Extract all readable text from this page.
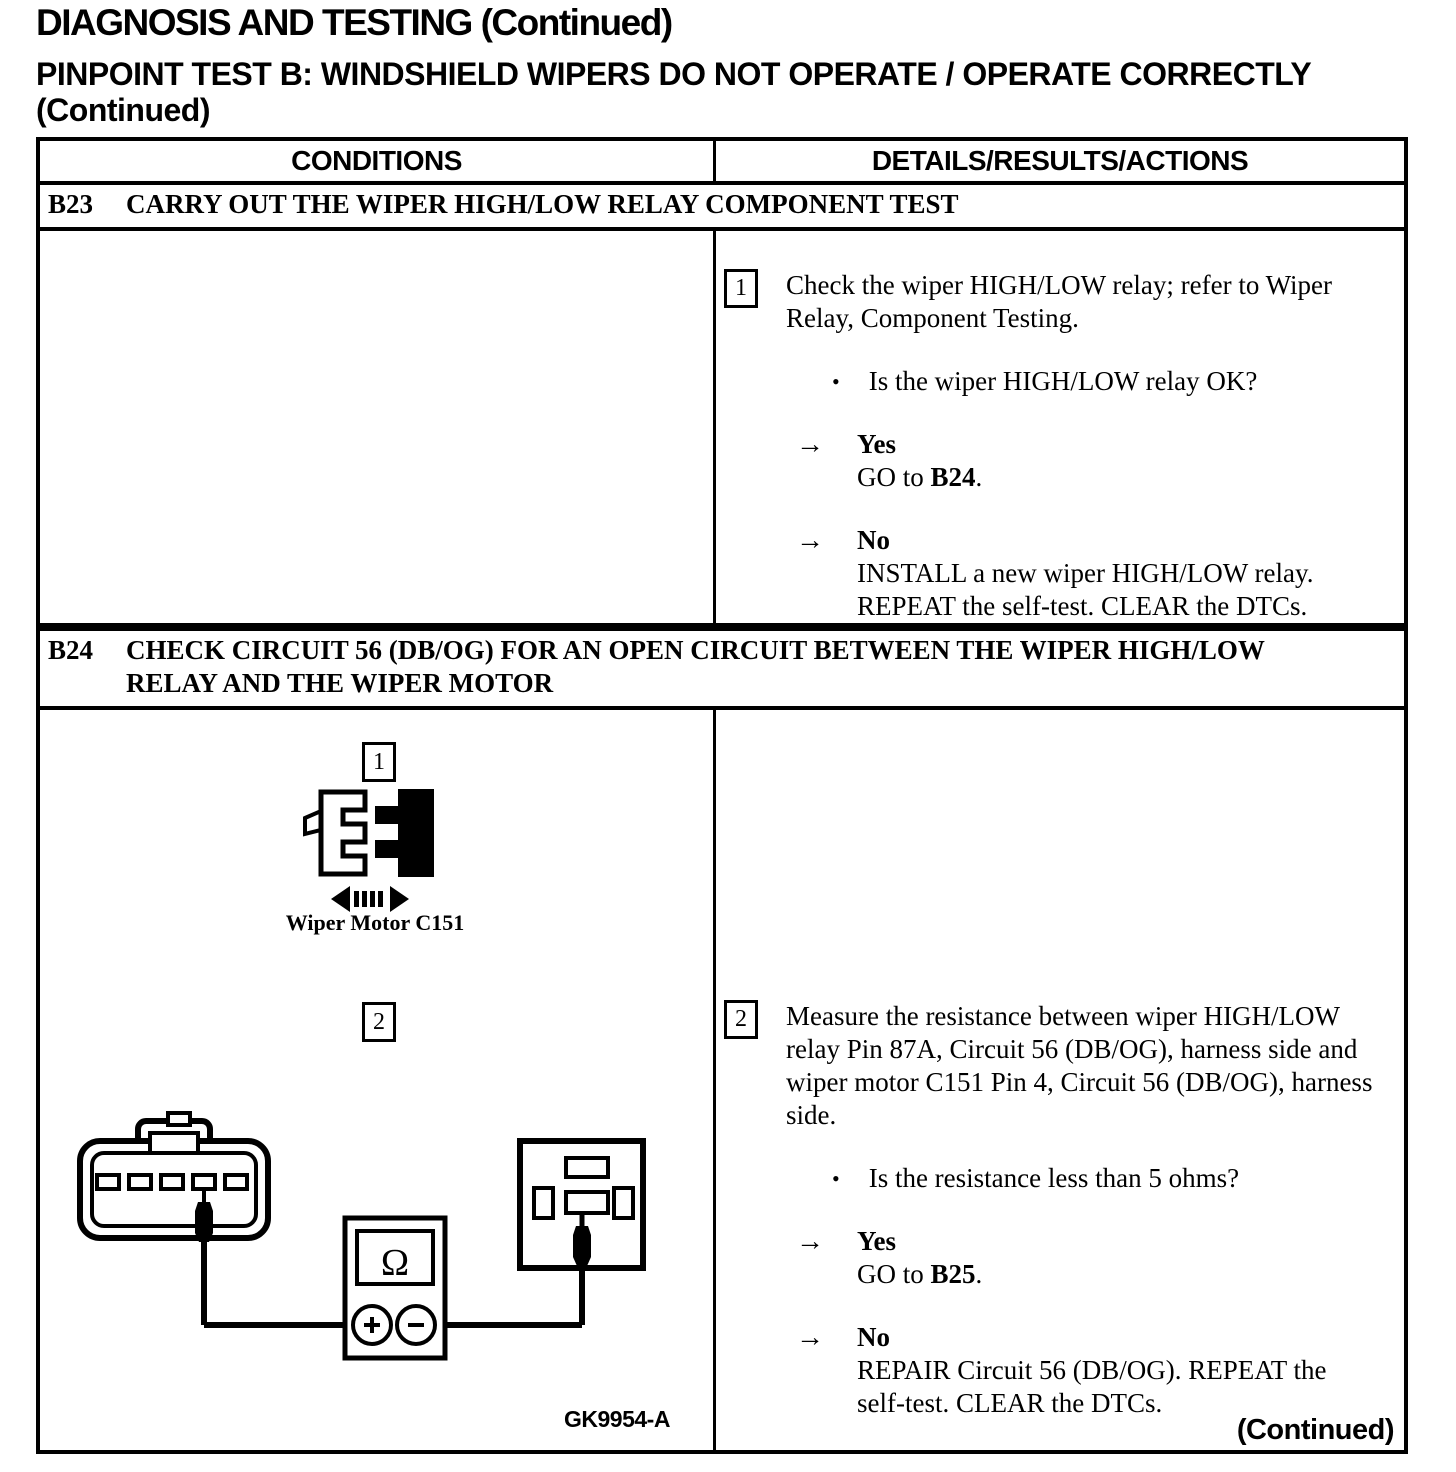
DIAGNOSIS AND TESTING (Continued)
PINPOINT TEST B: WINDSHIELD WIPERS DO NOT OPERATE / OPERATE CORRECTLY
(Continued)
CONDITIONS	DETAILS/RESULTS/ACTIONS
B23	CARRY OUT THE WIPER HIGH/LOW RELAY COMPONENT TEST
1	Check the wiper HIGH/LOW relay; refer to Wiper Relay, Component Testing.
• Is the wiper HIGH/LOW relay OK?
→	Yes
GO to B24.
→	No
INSTALL a new wiper HIGH/LOW relay. REPEAT the self-test. CLEAR the DTCs.
B24	CHECK CIRCUIT 56 (DB/OG) FOR AN OPEN CIRCUIT BETWEEN THE WIPER HIGH/LOW RELAY AND THE WIPER MOTOR
1
Wiper Motor C151
2
Ω
GK9954-A
2	Measure the resistance between wiper HIGH/LOW relay Pin 87A, Circuit 56 (DB/OG), harness side and wiper motor C151 Pin 4, Circuit 56 (DB/OG), harness side.
• Is the resistance less than 5 ohms?
→	Yes
GO to B25.
→	No
REPAIR Circuit 56 (DB/OG). REPEAT the self-test. CLEAR the DTCs.
(Continued)
